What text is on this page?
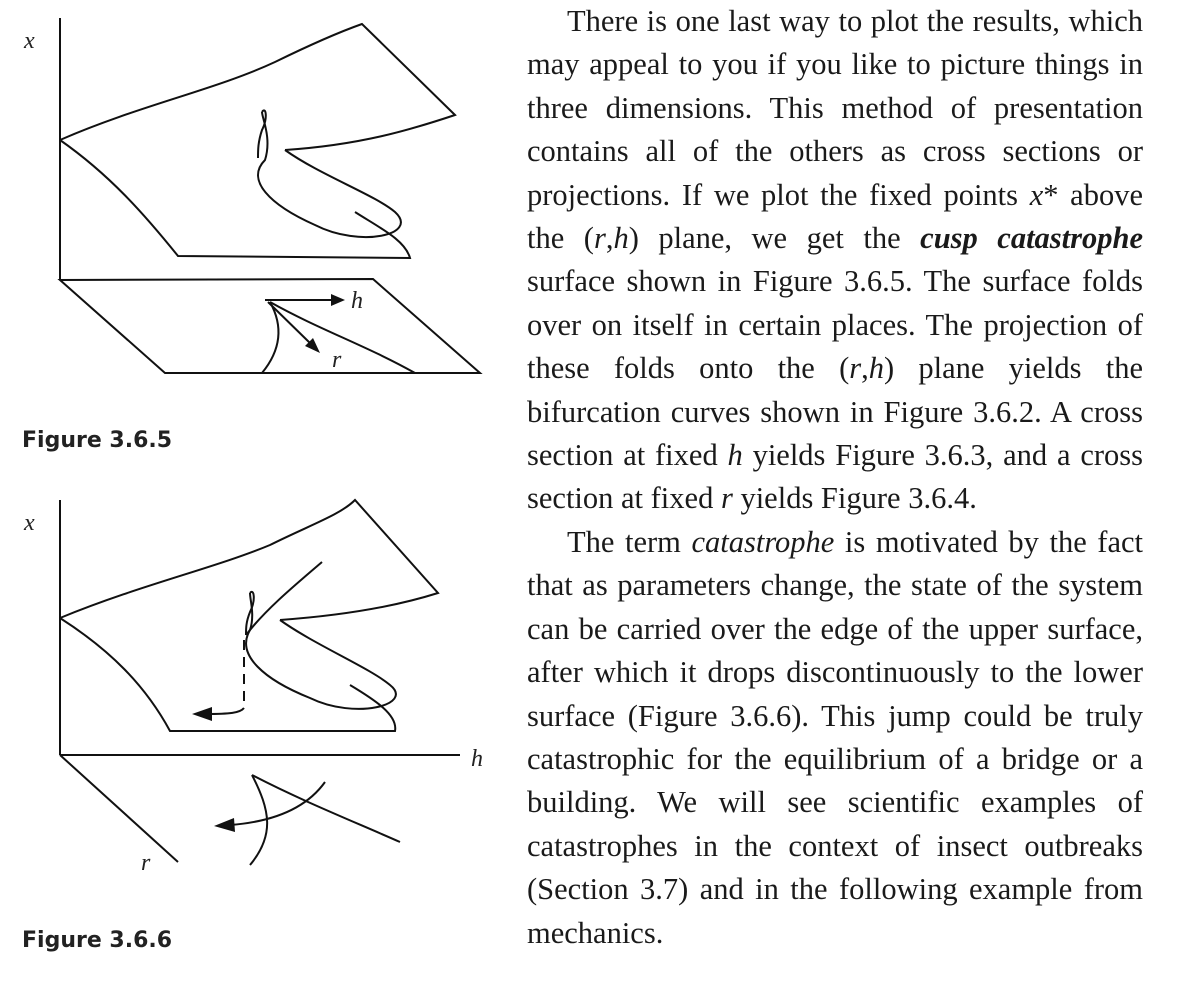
x
h
r
Figure 3.6.5
x
h
r
Figure 3.6.6

There is one last way to plot the results, which may appeal to you if you like to picture things in three dimensions. This method of presentation contains all of the others as cross sections or projections. If we plot the fixed points x* above the (r,h) plane, we get the cusp catastrophe surface shown in Figure 3.6.5. The surface folds over on itself in certain places. The projection of these folds onto the (r,h) plane yields the bifurcation curves shown in Figure 3.6.2. A cross section at fixed h yields Figure 3.6.3, and a cross section at fixed r yields Figure 3.6.4.

The term catastrophe is motivated by the fact that as parameters change, the state of the system can be carried over the edge of the upper surface, after which it drops discontinuously to the lower surface (Figure 3.6.6). This jump could be truly catastrophic for the equilibrium of a bridge or a building. We will see scientific examples of catastrophes in the context of insect outbreaks (Section 3.7) and in the following example from mechanics.
